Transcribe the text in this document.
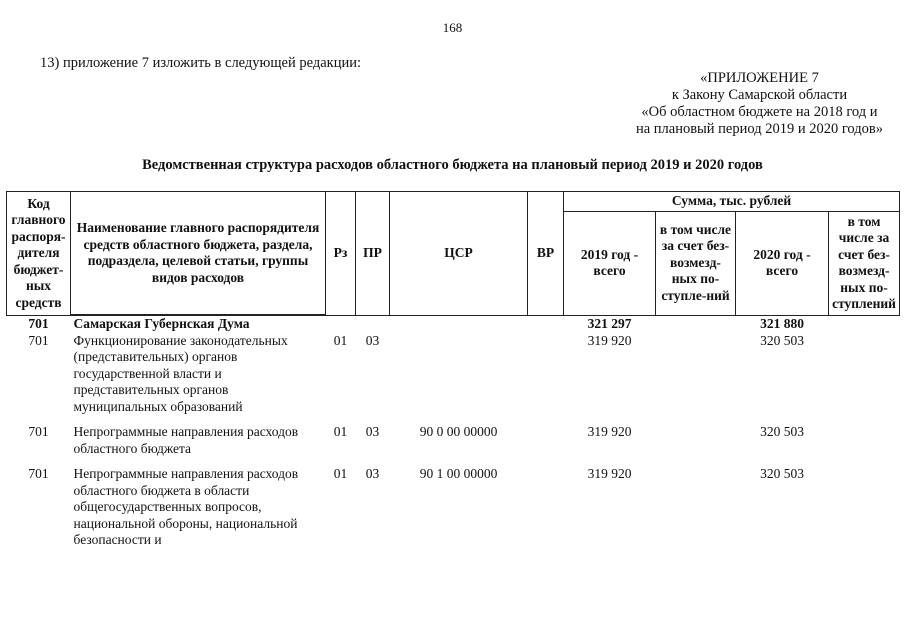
168
13) приложение 7 изложить в следующей редакции:
«ПРИЛОЖЕНИЕ 7
к Закону Самарской области
«Об областном бюджете на 2018 год и
на плановый период 2019 и 2020 годов»
Ведомственная структура расходов областного бюджета на плановый период 2019 и 2020 годов
Код главного распоря-дителя бюджет-ных средств	Наименование главного распорядителя средств областного бюджета, раздела, подраздела, целевой статьи, группы видов расходов	Рз	ПР	ЦСР	ВР	Сумма, тыс. рублей			
						2019 год - всего	в том числе за счет без-возмезд-ных по-ступле-ний	2020 год - всего	в том числе за счет без-возмезд-ных по-ступлений
701	Самарская Губернская Дума					321 297		321 880	
701	Функционирование законодательных (представительных) органов государственной власти и представительных органов муниципальных образований	01	03			319 920		320 503	

701	Непрограммные направления расходов областного бюджета	01	03	90 0 00 00000		319 920		320 503	

701	Непрограммные направления расходов областного бюджета в области общегосударственных вопросов, национальной обороны, национальной безопасности и	01	03	90 1 00 00000		319 920		320 503	
